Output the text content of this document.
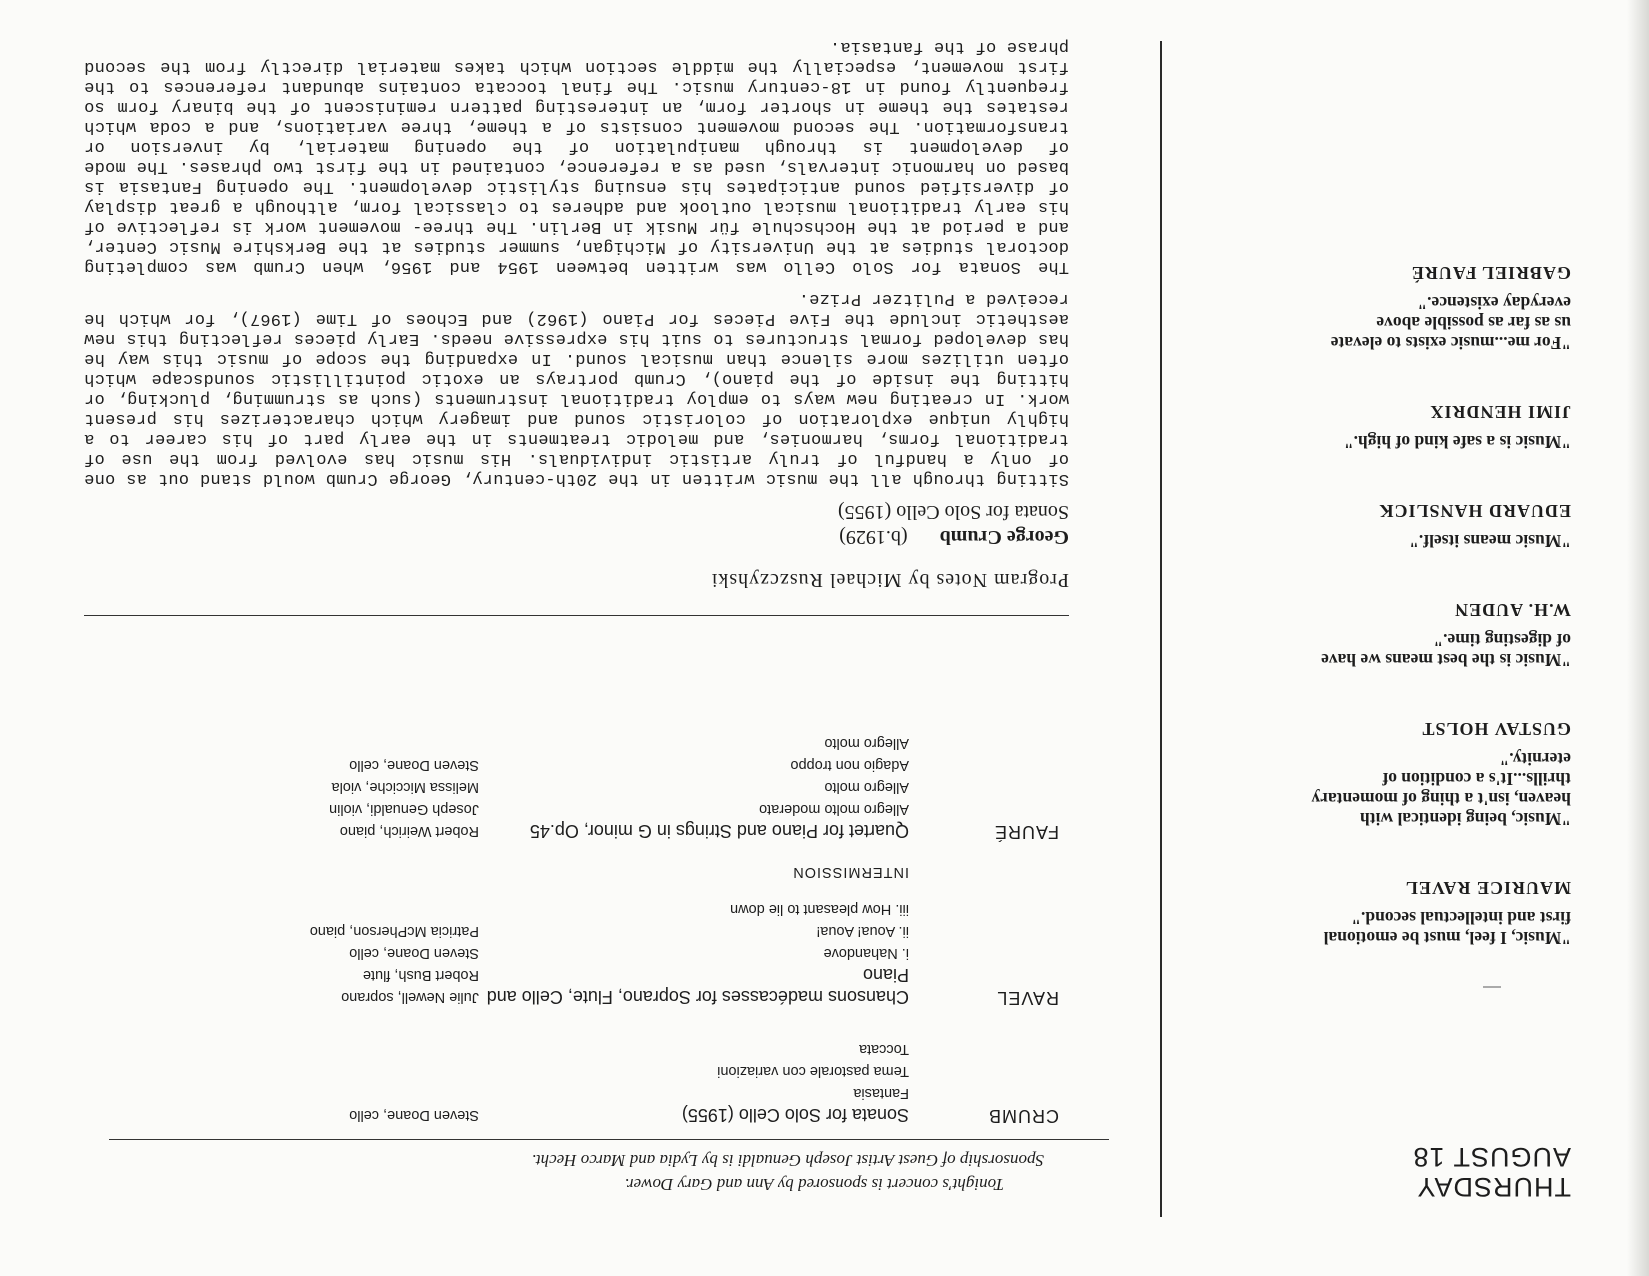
THURSDAY
AUGUST 18
"Music, I feel, must be emotional first and intellectual second."
MAURICE RAVEL
"Music, being identical with heaven, isn't a thing of momentary thrills...It's a condition of eternity."
GUSTAV HOLST
"Music is the best means we have of digesting time."
W.H. AUDEN
"Music means itself."
EDUARD HANSLICK
"Music is a safe kind of high."
JIMI HENDRIX
"For me...music exists to elevate us as far as possible above everyday existence."
GABRIEL FAURÉ
Tonight's concert is sponsored by Ann and Gary Dower.
Sponsorship of Guest Artist Joseph Genualdi is by Lydia and Marco Hecht.
CRUMB
Sonata for Solo Cello (1955)
Fantasia
Tema pastorale con variazioni
Toccata
Steven Doane, cello
RAVEL
Chansons madécasses for Soprano, Flute, Cello and Piano
i. Nahandove
ii. Aoua! Aoua!
iii. How pleasant to lie down
Julie Newell, soprano
Robert Bush, flute
Steven Doane, cello
Patricia McPherson, piano
INTERMISSION
FAURÉ
Quartet for Piano and Strings in G minor, Op.45
Allegro molto moderato
Allegro molto
Adagio non troppo
Allegro molto
Robert Weirich, piano
Joseph Genualdi, violin
Melissa Micciche, viola
Steven Doane, cello
Program Notes by Michael Ruszczyhski
George Crumb (b.1929)
Sonata for Solo Cello (1955)

Sitting through all the music written in the 20th-century, George Crumb would stand out as one of only a handful of truly artistic individuals. His music has evolved from the use of traditional forms, harmonies, and melodic treatments in the early part of his career to a highly unique exploration of coloristic sound and imagery which characterizes his present work. In creating new ways to employ traditional instruments (such as strumming, plucking, or hitting the inside of the piano), Crumb portrays an exotic pointillistic soundscape which often utilizes more silence than musical sound. In expanding the scope of music this way he has developed formal structures to suit his expressive needs. Early pieces reflecting this new aesthetic include the Five Pieces for Piano (1962) and Echoes of Time (1967), for which he received a Pulitzer Prize.

The Sonata for Solo Cello was written between 1954 and 1956, when Crumb was completing doctoral studies at the University of Michigan, summer studies at the Berkshire Music Center, and a period at the Hochschule für Musik in Berlin. The three- movement work is reflective of his early traditional musical outlook and adheres to classical form, although a great display of diversified sound anticipates his ensuing stylistic development. The opening Fantasia is based on harmonic intervals, used as a reference, contained in the first two phrases. The mode of development is through manipulation of the opening material, by inversion or transformation. The second movement consists of a theme, three variations, and a coda which restates the theme in shorter form, an interesting pattern reminiscent of the binary form so frequently found in 18-century music. The final toccata contains abundant references to the first movement, especially the middle section which takes material directly from the second phrase of the fantasia.
